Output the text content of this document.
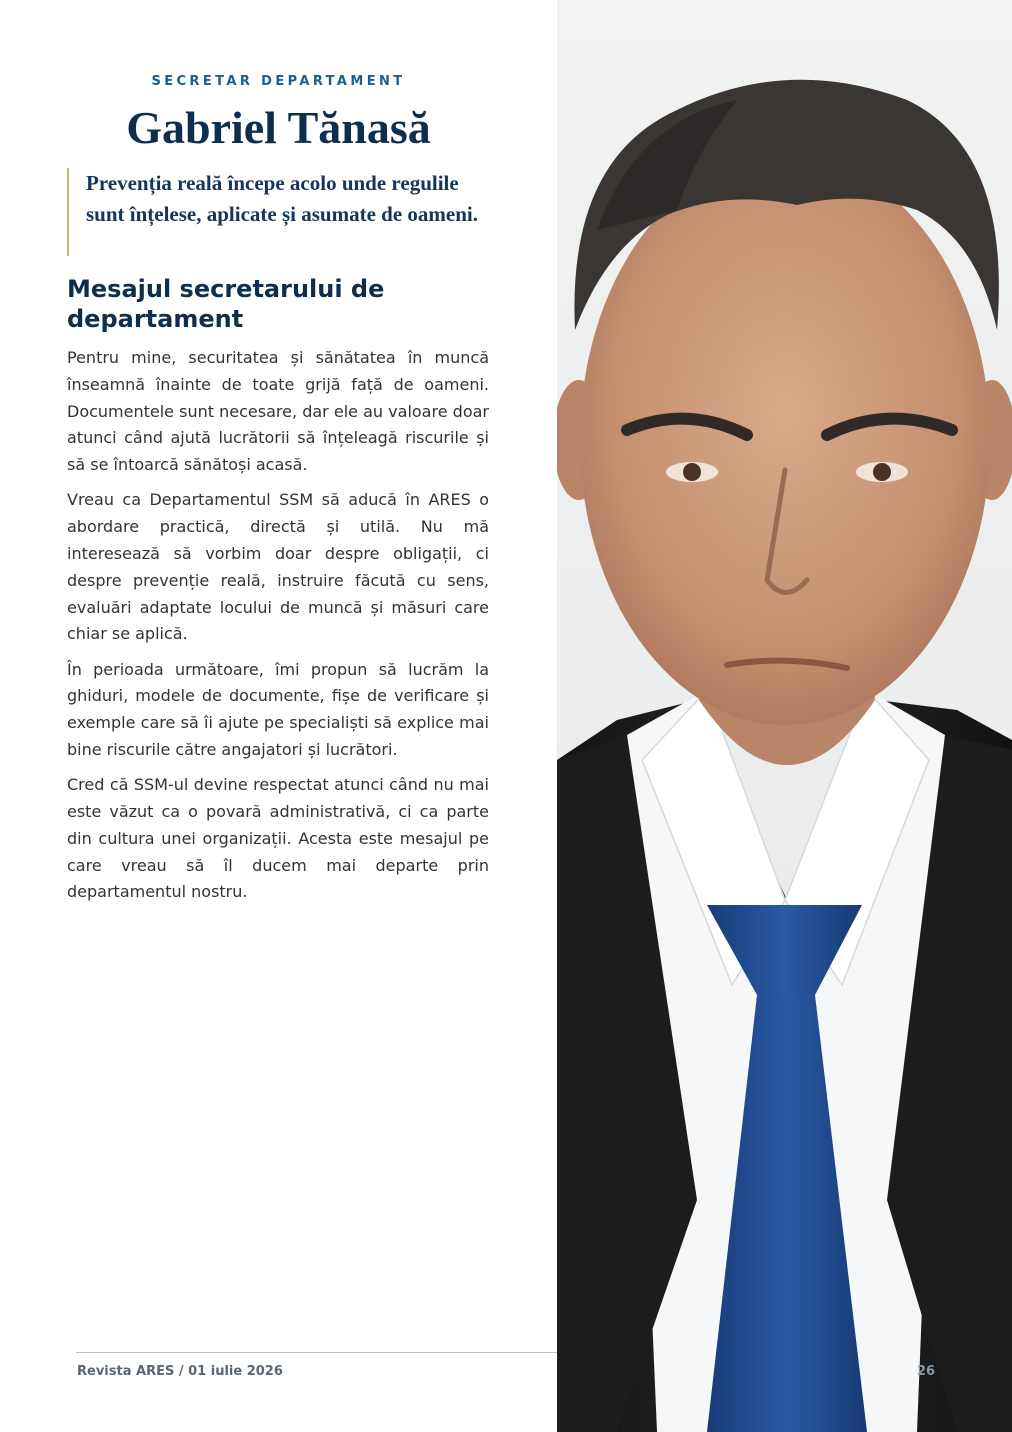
SECRETAR DEPARTAMENT
Gabriel Tănasă
Prevenția reală începe acolo unde regulile sunt înțelese, aplicate și asumate de oameni.
Mesajul secretarului de departament

Pentru mine, securitatea și sănătatea în muncă înseamnă înainte de toate grijă față de oameni. Documentele sunt necesare, dar ele au valoare doar atunci când ajută lucrătorii să înțeleagă riscurile și să se întoarcă sănătoși acasă.

Vreau ca Departamentul SSM să aducă în ARES o abordare practică, directă și utilă. Nu mă interesează să vorbim doar despre obligații, ci despre prevenție reală, instruire făcută cu sens, evaluări adaptate locului de muncă și măsuri care chiar se aplică.

În perioada următoare, îmi propun să lucrăm la ghiduri, modele de documente, fișe de verificare și exemple care să îi ajute pe specialiști să explice mai bine riscurile către angajatori și lucrători.

Cred că SSM-ul devine respectat atunci când nu mai este văzut ca o povară administrativă, ci ca parte din cultura unei organizații. Acesta este mesajul pe care vreau să îl ducem mai departe prin departamentul nostru.

Revista ARES / 01 iulie 2026	26
